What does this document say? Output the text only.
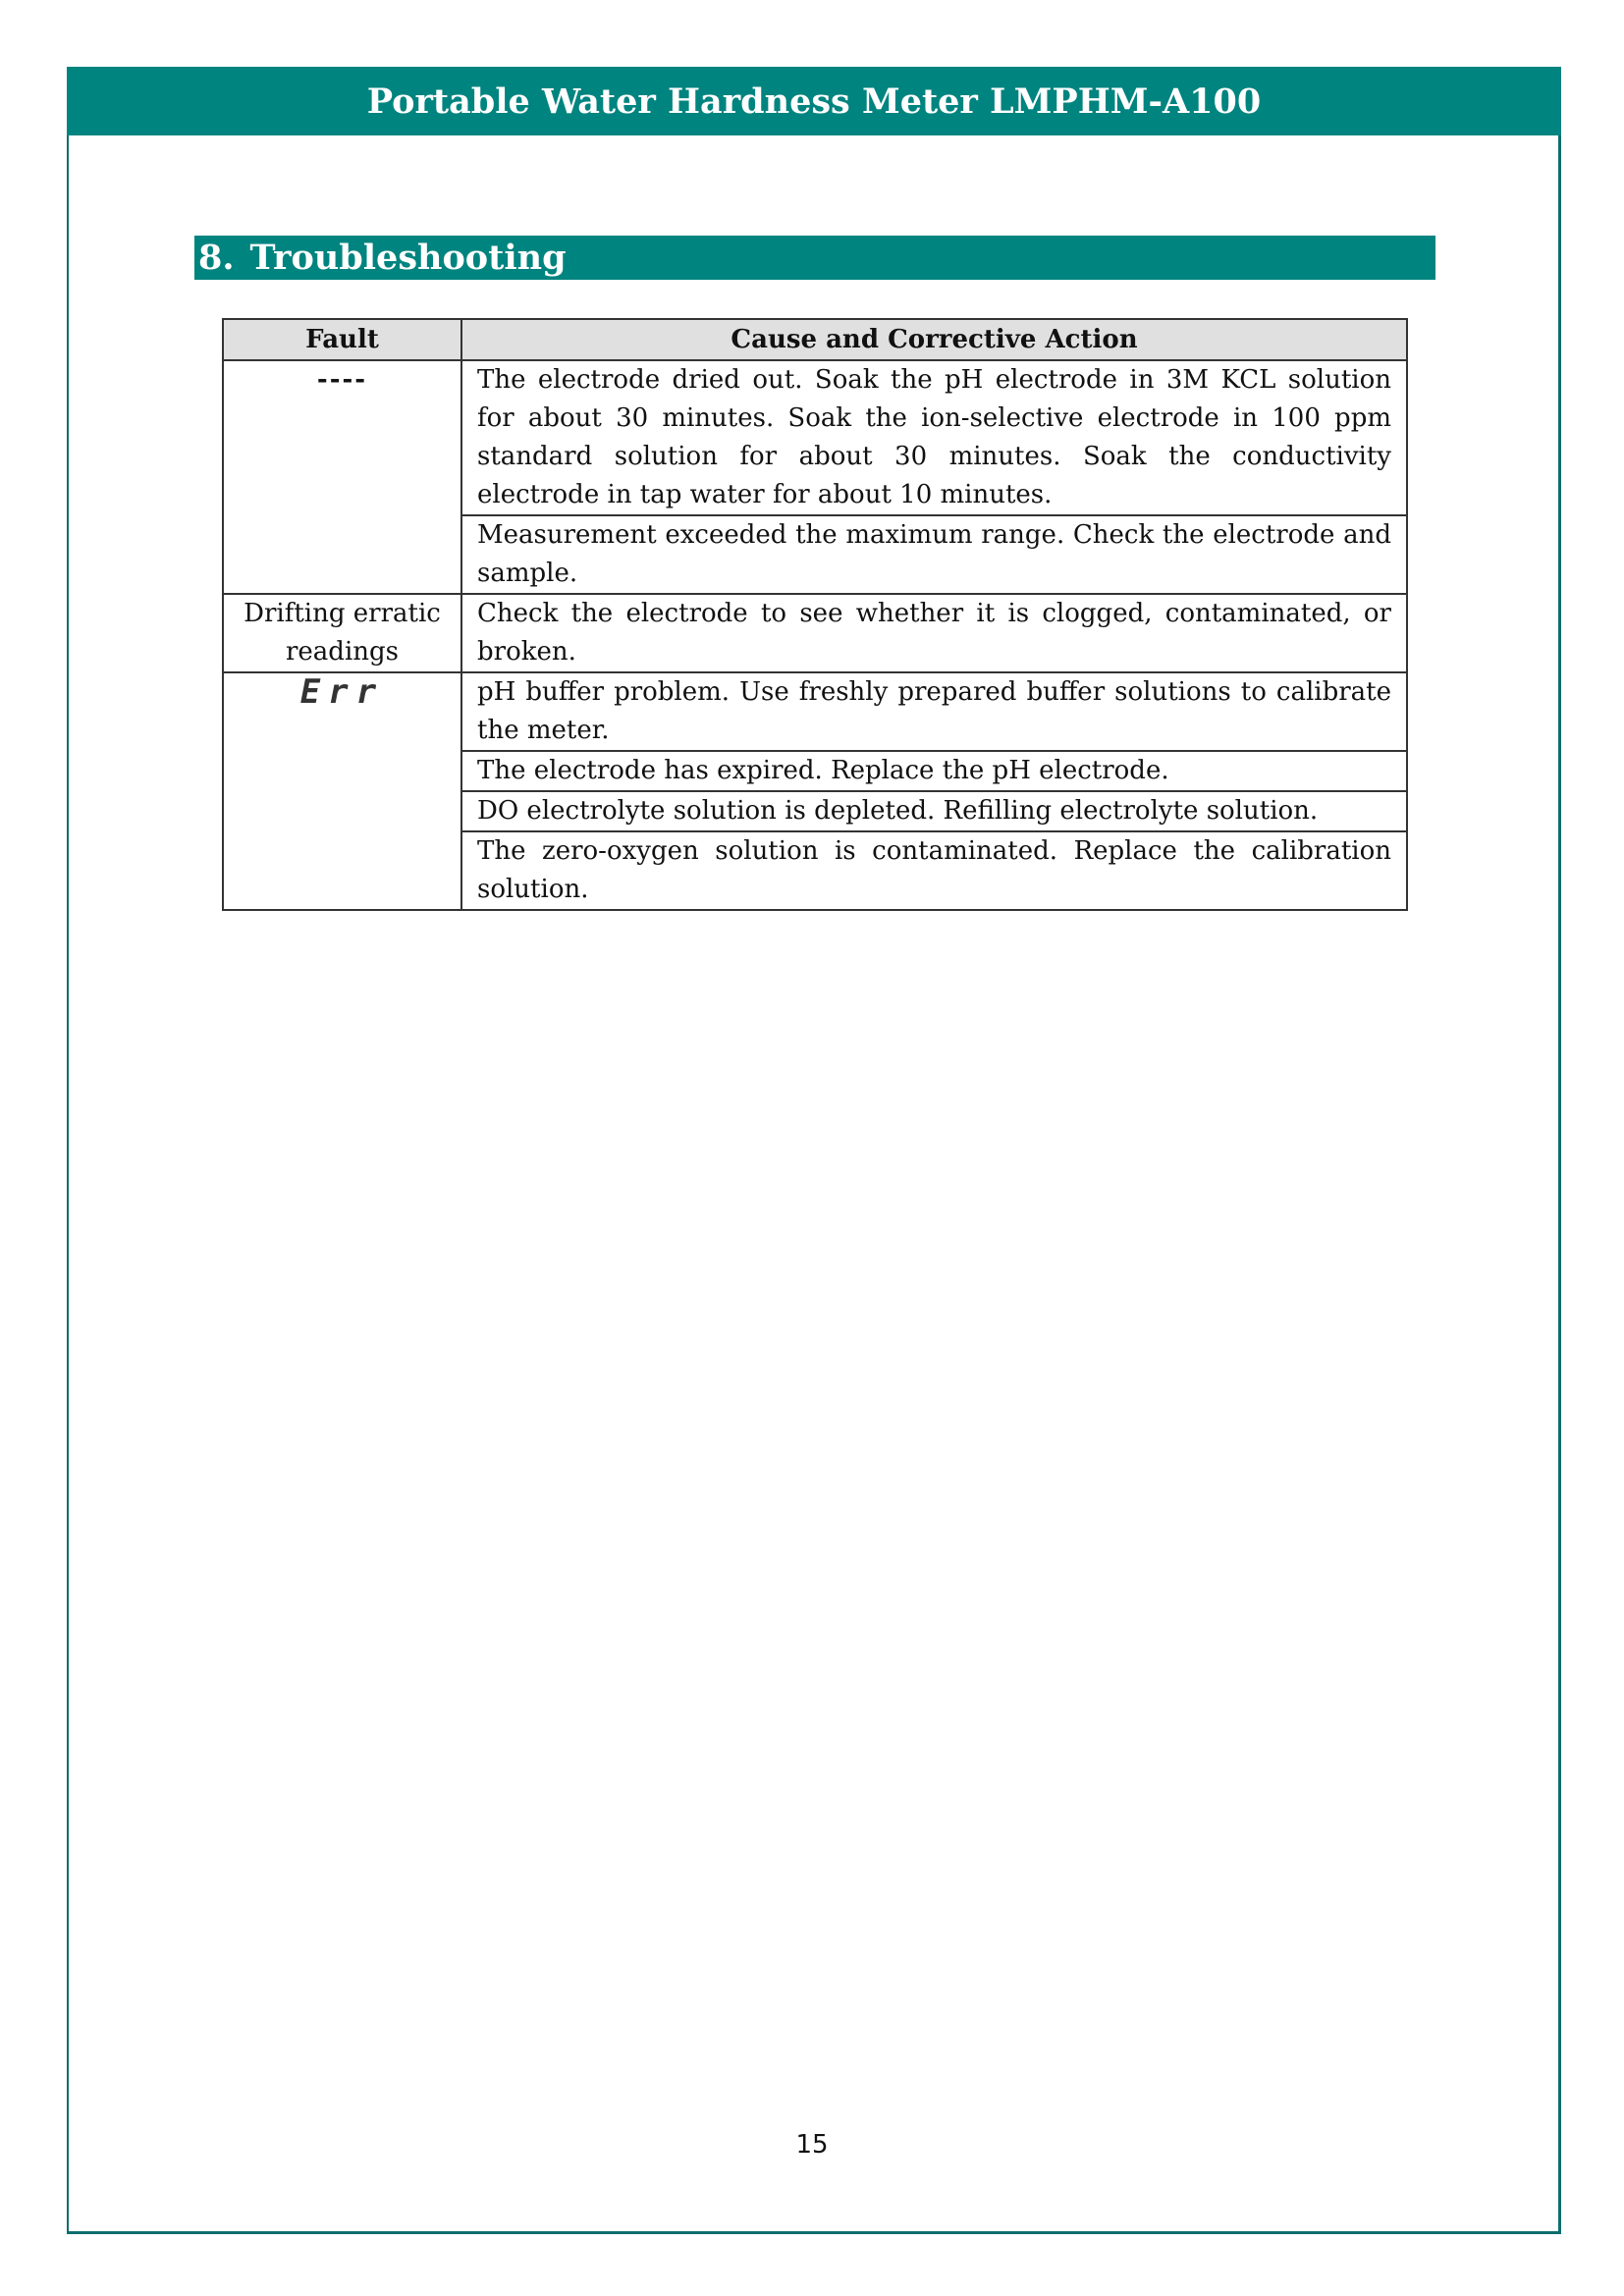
Portable Water Hardness Meter LMPHM-A100
8. Troubleshooting
Fault	Cause and Corrective Action
----	The electrode dried out. Soak the pH electrode in 3M KCL solution for about 30 minutes. Soak the ion-selective electrode in 100 ppm standard solution for about 30 minutes. Soak the conductivity electrode in tap water for about 10 minutes.
	Measurement exceeded the maximum range. Check the electrode and sample.
Drifting erratic readings	Check the electrode to see whether it is clogged, contaminated, or broken.
Err	pH buffer problem. Use freshly prepared buffer solutions to calibrate the meter.
	The electrode has expired. Replace the pH electrode.
	DO electrolyte solution is depleted. Refilling electrolyte solution.
	The zero-oxygen solution is contaminated. Replace the calibration solution.
15
